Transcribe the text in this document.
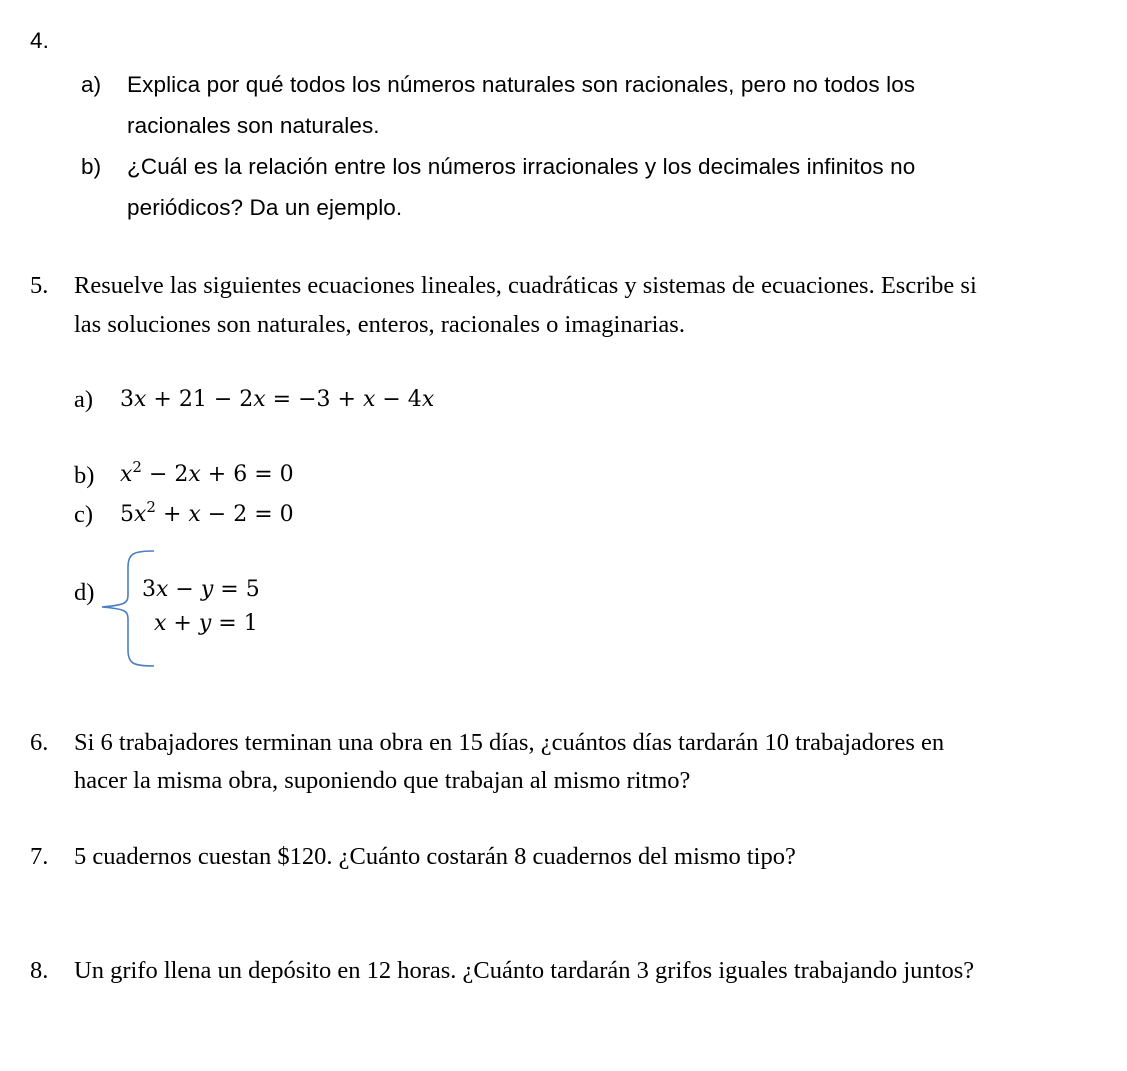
4.
a) Explica por qué todos los números naturales son racionales, pero no todos los
racionales son naturales.
b) ¿Cuál es la relación entre los números irracionales y los decimales infinitos no
periódicos? Da un ejemplo.
5. Resuelve las siguientes ecuaciones lineales, cuadráticas y sistemas de ecuaciones. Escribe si
las soluciones son naturales, enteros, racionales o imaginarias.
a) 3x + 21 − 2x = −3 + x − 4x
b) $x^2 - 2x + 6 = 0$
c) $5x^2 + x - 2 = 0$
d) 3x − y = 5
x + y = 1
6. Si 6 trabajadores terminan una obra en 15 días, ¿cuántos días tardarán 10 trabajadores en
hacer la misma obra, suponiendo que trabajan al mismo ritmo?
7. 5 cuadernos cuestan $120. ¿Cuánto costarán 8 cuadernos del mismo tipo?
8. Un grifo llena un depósito en 12 horas. ¿Cuánto tardarán 3 grifos iguales trabajando juntos?
